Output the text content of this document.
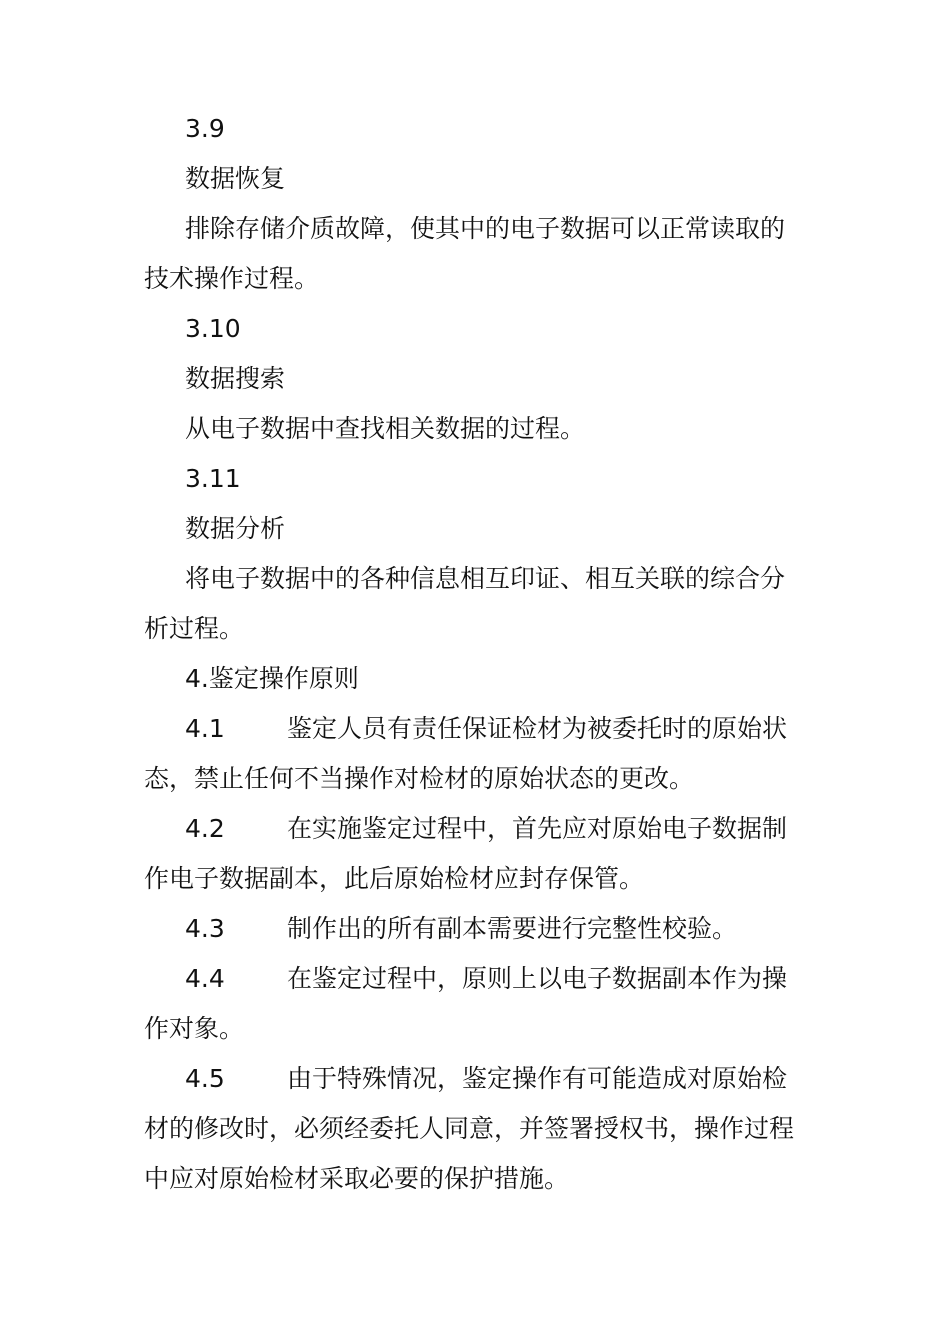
3.9

数据恢复

排除存储介质故障，使其中的电子数据可以正常读取的

技术操作过程。

3.10

数据搜索

从电子数据中查找相关数据的过程。

3.11

数据分析

将电子数据中的各种信息相互印证、相互关联的综合分

析过程。

4.鉴定操作原则

4.1 鉴定人员有责任保证检材为被委托时的原始状

态，禁止任何不当操作对检材的原始状态的更改。

4.2 在实施鉴定过程中，首先应对原始电子数据制

作电子数据副本，此后原始检材应封存保管。

4.3 制作出的所有副本需要进行完整性校验。

4.4 在鉴定过程中，原则上以电子数据副本作为操

作对象。

4.5 由于特殊情况，鉴定操作有可能造成对原始检

材的修改时，必须经委托人同意，并签署授权书，操作过程

中应对原始检材采取必要的保护措施。
